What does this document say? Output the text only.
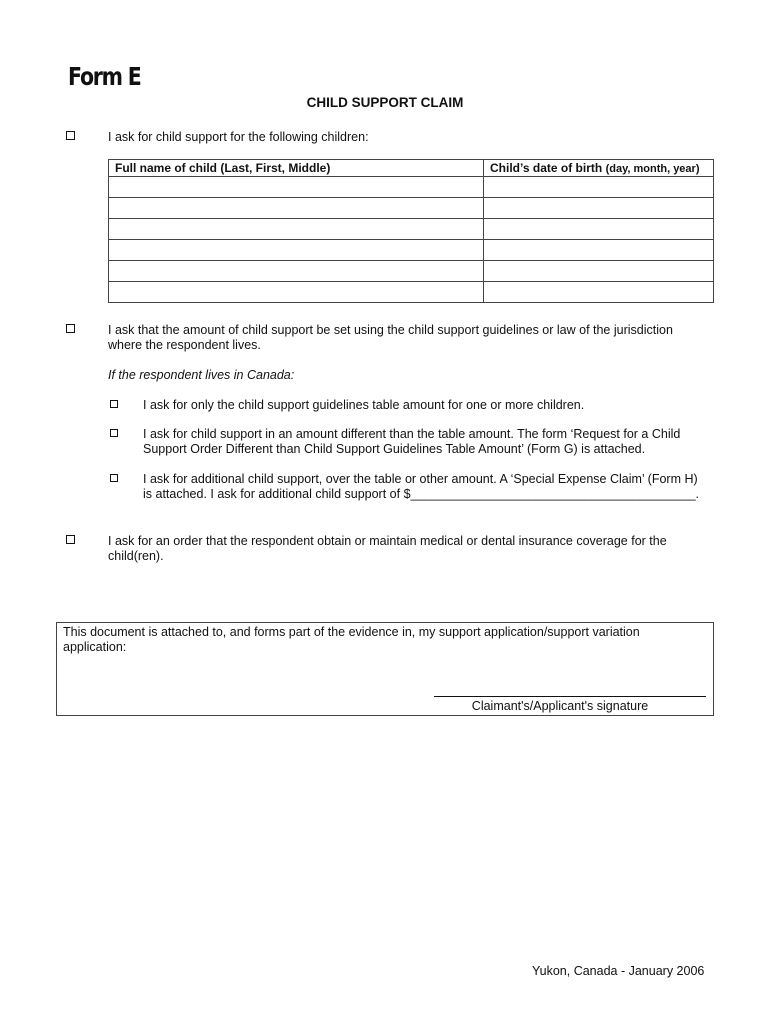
Form E
CHILD SUPPORT CLAIM
I ask for child support for the following children:
Full name of child (Last, First, Middle)	Child’s date of birth (day, month, year)

I ask that the amount of child support be set using the child support guidelines or law of the jurisdiction
where the respondent lives.
If the respondent lives in Canada:
I ask for only the child support guidelines table amount for one or more children.
I ask for child support in an amount different than the table amount. The form ‘Request for a Child
Support Order Different than Child Support Guidelines Table Amount’ (Form G) is attached.
I ask for additional child support, over the table or other amount. A ‘Special Expense Claim’ (Form H)
is attached. I ask for additional child support of $_________________________________________.
I ask for an order that the respondent obtain or maintain medical or dental insurance coverage for the
child(ren).
This document is attached to, and forms part of the evidence in, my support application/support variation
application:
Claimant's/Applicant's signature
Yukon, Canada - January 2006
